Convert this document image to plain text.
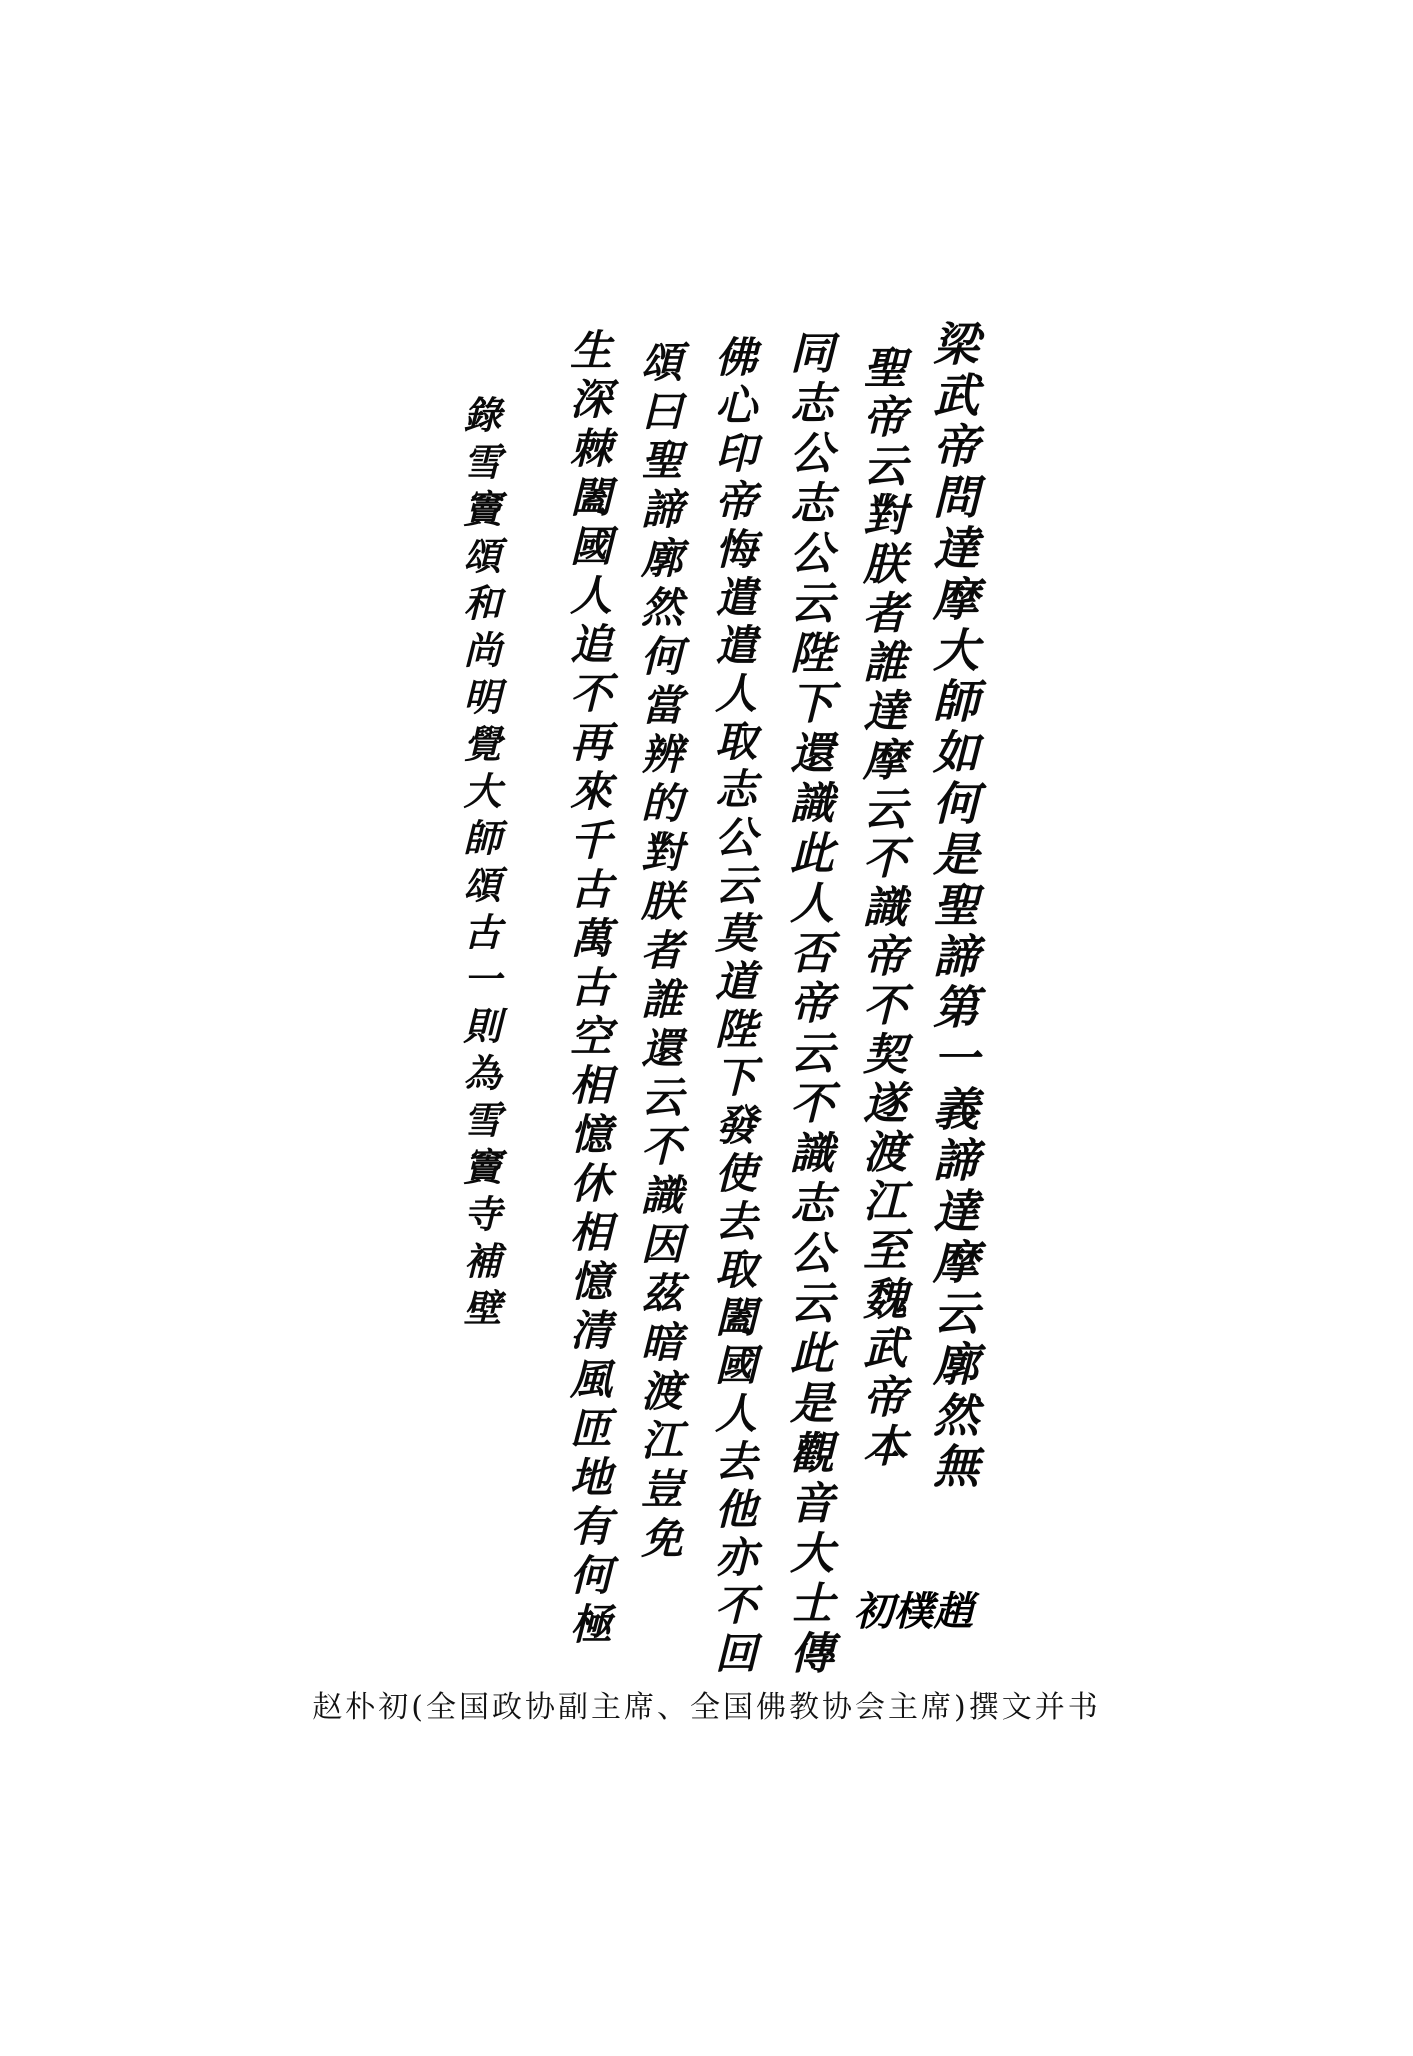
梁武帝問達摩大師如何是聖諦第一義諦達摩云廓然無
聖帝云對朕者誰達摩云不識帝不契遂渡江至魏武帝本
同志公志公云陛下還識此人否帝云不識志公云此是觀音大士傳
佛心印帝悔遣遣人取志公云莫道陛下發使去取闔國人去他亦不回
頌曰聖諦廓然何當辨的對朕者誰還云不識因茲暗渡江豈免
生深棘闔國人追不再來千古萬古空相憶休相憶清風匝地有何極
錄雪竇頌和尚明覺大師頌古一則為雪竇寺補壁
趙樸初
赵朴初(全国政协副主席、全国佛教协会主席)撰文并书
